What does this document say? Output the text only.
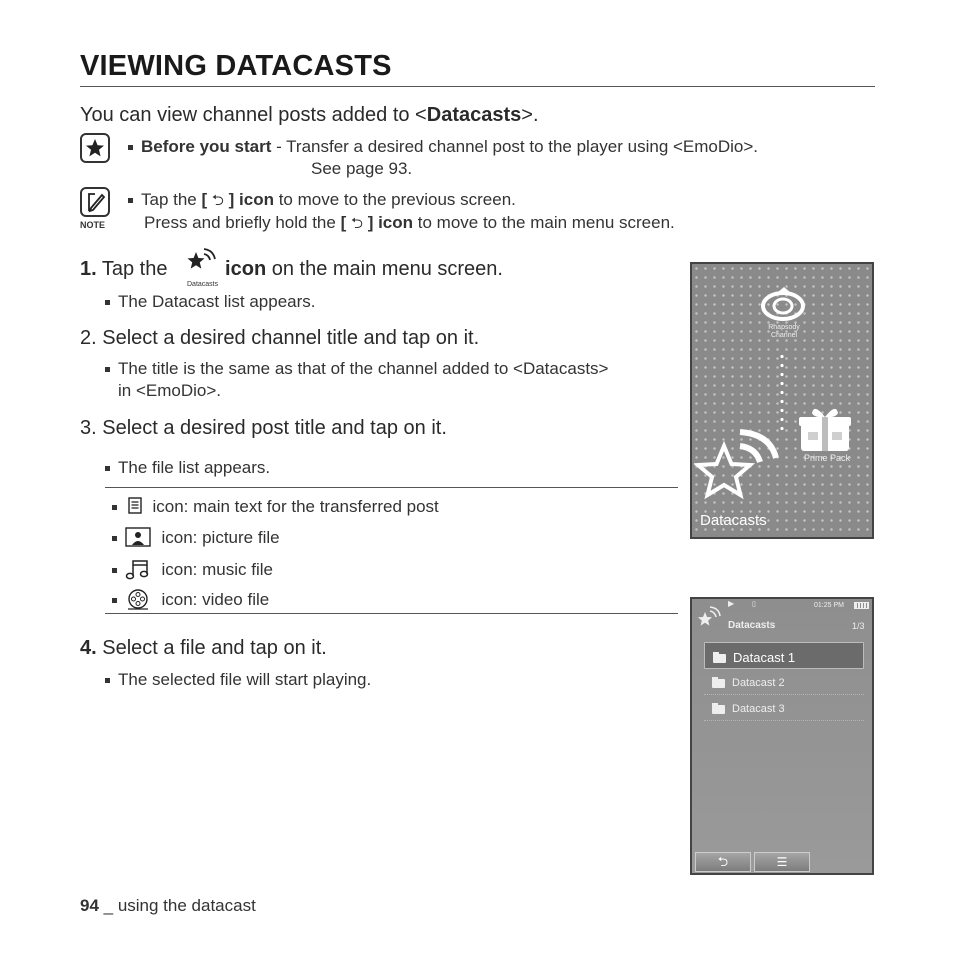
VIEWING DATACASTS
You can view channel posts added to <Datacasts>.
Before you start - Transfer a desired channel post to the player using <EmoDio>.
See page 93.
NOTE
Tap the [ ⮌ ] icon to move to the previous screen.
Press and briefly hold the [ ⮌ ] icon to move to the main menu screen.
1. Tap the	icon on the main menu screen.
Datacasts
The Datacast list appears.
2. Select a desired channel title and tap on it.
The title is the same as that of the channel added to <Datacasts>
in <EmoDio>.
3. Select a desired post title and tap on it.
The file list appears.
icon: main text for the transferred post
icon: picture file
icon: music file
icon: video file
4. Select a file and tap on it.
The selected file will start playing.
Rhapsody
Channel
Prime Pack
Datacasts
▶	▯	01:25 PM
Datacasts	1/3
Datacast 1
Datacast 2
Datacast 3
⮌	☰
94 _ using the datacast
